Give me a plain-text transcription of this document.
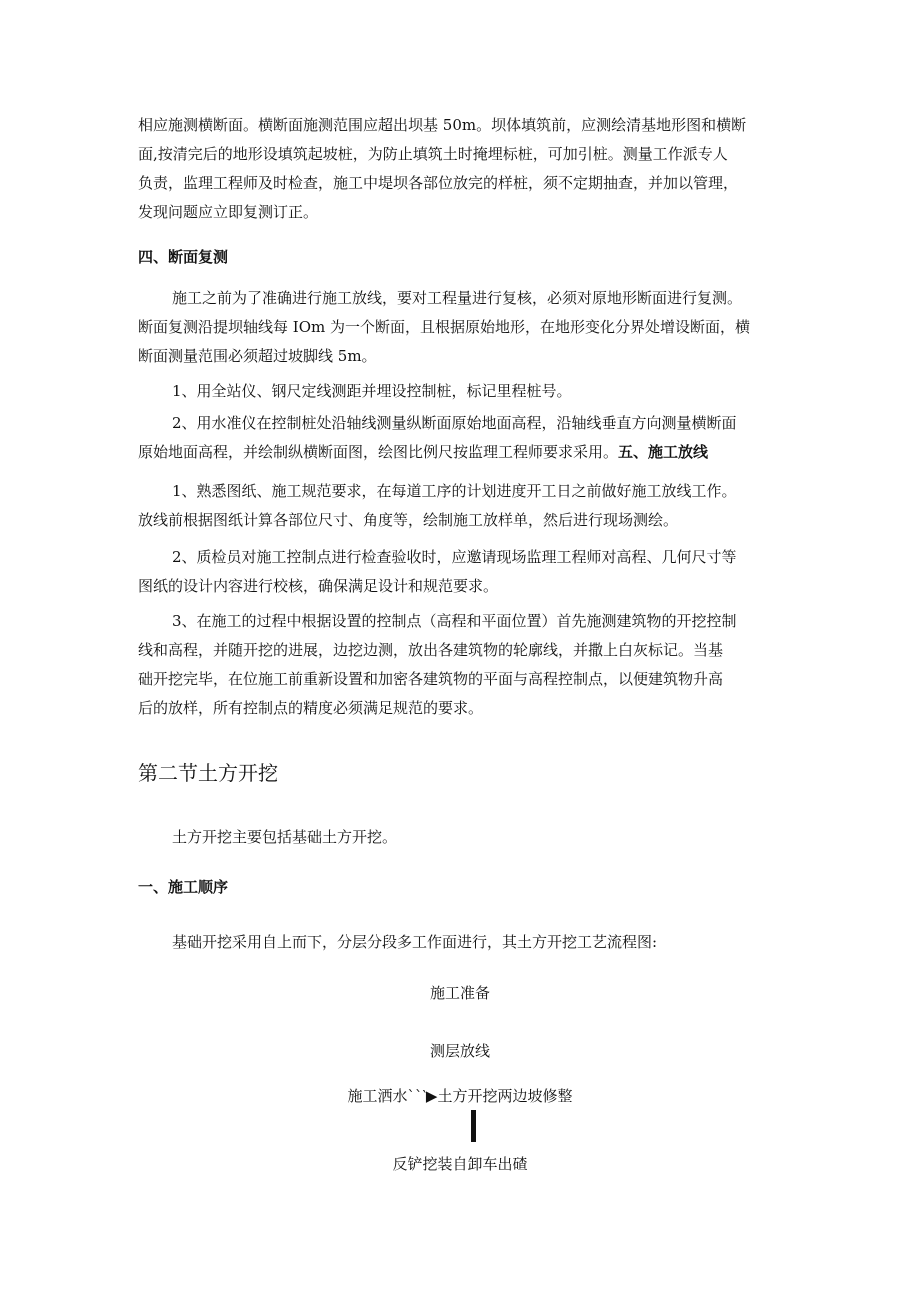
相应施测横断面。横断面施测范围应超出坝基 50m。坝体填筑前，应测绘清基地形图和横断
面,按清完后的地形设填筑起坡桩，为防止填筑土时掩埋标桩，可加引桩。测量工作派专人
负责，监理工程师及时检查，施工中堤坝各部位放完的样桩，须不定期抽查，并加以管理，
发现问题应立即复测订正。
四、断面复测
施工之前为了准确进行施工放线，要对工程量进行复核，必须对原地形断面进行复测。
断面复测沿提坝轴线每 IOm 为一个断面，且根据原始地形，在地形变化分界处增设断面，横
断面测量范围必须超过坡脚线 5m。
1、用全站仪、钢尺定线测距并埋设控制桩，标记里程桩号。
2、用水准仪在控制桩处沿轴线测量纵断面原始地面高程，沿轴线垂直方向测量横断面
原始地面高程，并绘制纵横断面图，绘图比例尺按监理工程师要求采用。五、施工放线
1、熟悉图纸、施工规范要求，在每道工序的计划进度开工日之前做好施工放线工作。
放线前根据图纸计算各部位尺寸、角度等，绘制施工放样单，然后进行现场测绘。
2、质检员对施工控制点进行检查验收时，应邀请现场监理工程师对高程、几何尺寸等
图纸的设计内容进行校核，确保满足设计和规范要求。
3、在施工的过程中根据设置的控制点（高程和平面位置）首先施测建筑物的开挖控制
线和高程，并随开挖的进展，边挖边测，放出各建筑物的轮廓线，并撒上白灰标记。当基
础开挖完毕，在位施工前重新设置和加密各建筑物的平面与高程控制点，以便建筑物升高
后的放样，所有控制点的精度必须满足规范的要求。
第二节土方开挖
土方开挖主要包括基础土方开挖。
一、施工顺序
基础开挖采用自上而下，分层分段多工作面进行，其土方开挖工艺流程图:
施工准备
测层放线
施工洒水``‵▶土方开挖两边坡修整
反铲挖装自卸车出碴
